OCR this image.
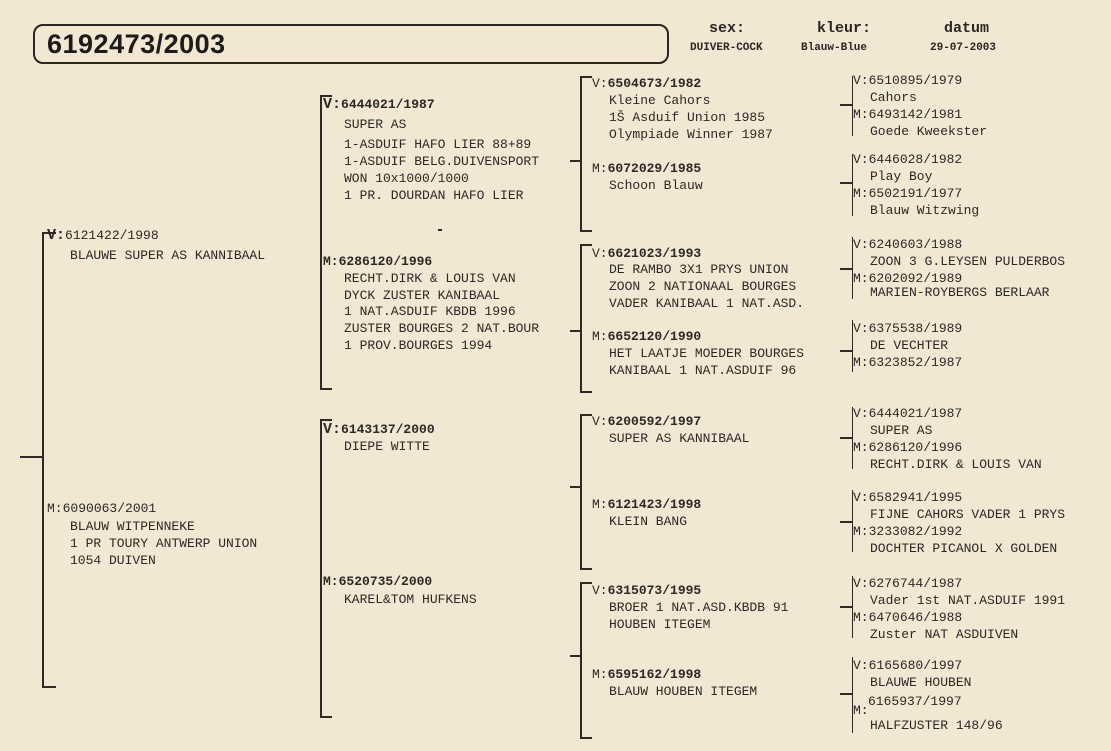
6192473/2003
sex:
DUIVER-COCK
kleur:
Blauw-Blue
datum
29-07-2003
V:6121422/1998
BLAUWE SUPER AS KANNIBAAL
M:6090063/2001
BLAUW WITPENNEKE
1 PR TOURY ANTWERP UNION
1054 DUIVEN
V:6444021/1987
SUPER AS
1-ASDUIF HAFO LIER 88+89
1-ASDUIF BELG.DUIVENSPORT
WON 10x1000/1000
1 PR. DOURDAN HAFO LIER
M:6286120/1996
RECHT.DIRK & LOUIS VAN
DYCK ZUSTER KANIBAAL
1 NAT.ASDUIF KBDB 1996
ZUSTER BOURGES 2 NAT.BOUR
1 PROV.BOURGES 1994
V:6143137/2000
DIEPE WITTE
M:6520735/2000
KAREL&TOM HUFKENS
V:6504673/1982
Kleine Cahors
1Š Asduif Union 1985
Olympiade Winner 1987
M:6072029/1985
Schoon Blauw
V:6621023/1993
DE RAMBO 3X1 PRYS UNION
ZOON 2 NATIONAAL BOURGES
VADER KANIBAAL 1 NAT.ASD.
M:6652120/1990
HET LAATJE MOEDER BOURGES
KANIBAAL 1 NAT.ASDUIF 96
V:6200592/1997
SUPER AS KANNIBAAL
M:6121423/1998
KLEIN BANG
V:6315073/1995
BROER 1 NAT.ASD.KBDB 91
HOUBEN ITEGEM
M:6595162/1998
BLAUW HOUBEN ITEGEM
V:6510895/1979
Cahors
M:6493142/1981
Goede Kweekster
V:6446028/1982
Play Boy
M:6502191/1977
Blauw Witzwing
V:6240603/1988
ZOON 3 G.LEYSEN PULDERBOS
M:6202092/1989
MARIEN-ROYBERGS BERLAAR
V:6375538/1989
DE VECHTER
M:6323852/1987
V:6444021/1987
SUPER AS
M:6286120/1996
RECHT.DIRK & LOUIS VAN
V:6582941/1995
FIJNE CAHORS VADER 1 PRYS
M:3233082/1992
DOCHTER PICANOL X GOLDEN
V:6276744/1987
Vader 1st NAT.ASDUIF 1991
M:6470646/1988
Zuster NAT ASDUIVEN
V:6165680/1997
BLAUWE HOUBEN
6165937/1997
M:
HALFZUSTER 148/96
